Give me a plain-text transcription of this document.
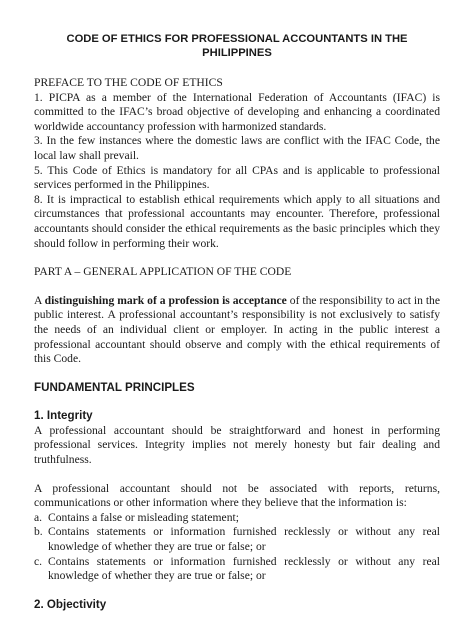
CODE OF ETHICS FOR PROFESSIONAL ACCOUNTANTS IN THE PHILIPPINES
PREFACE TO THE CODE OF ETHICS

1. PICPA as a member of the International Federation of Accountants (IFAC) is committed to the IFAC’s broad objective of developing and enhancing a coordinated worldwide accountancy profession with harmonized standards.

3. In the few instances where the domestic laws are conflict with the IFAC Code, the local law shall prevail.

5. This Code of Ethics is mandatory for all CPAs and is applicable to professional services performed in the Philippines.

8. It is impractical to establish ethical requirements which apply to all situations and circumstances that professional accountants may encounter. Therefore, professional accountants should consider the ethical requirements as the basic principles which they should follow in performing their work.

PART A – GENERAL APPLICATION OF THE CODE

A distinguishing mark of a profession is acceptance of the responsibility to act in the public interest. A professional accountant’s responsibility is not exclusively to satisfy the needs of an individual client or employer. In acting in the public interest a professional accountant should observe and comply with the ethical requirements of this Code.

FUNDAMENTAL PRINCIPLES
1. Integrity

A professional accountant should be straightforward and honest in performing professional services. Integrity implies not merely honesty but fair dealing and truthfulness.

A professional accountant should not be associated with reports, returns, communications or other information where they believe that the information is:

a. Contains a false or misleading statement;
b. Contains statements or information furnished recklessly or without any real knowledge of whether they are true or false; or
c. Contains statements or information furnished recklessly or without any real knowledge of whether they are true or false; or
2. Objectivity
